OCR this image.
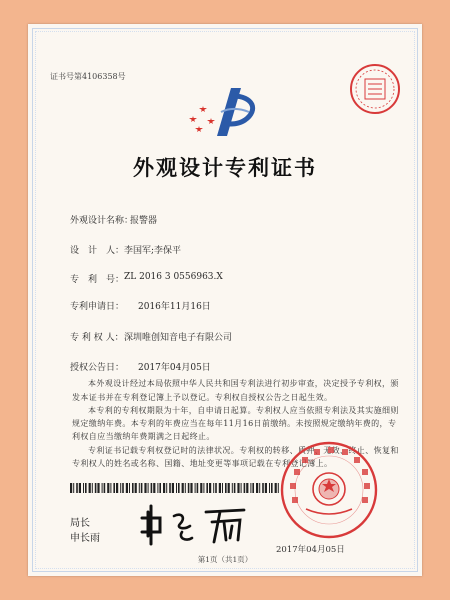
证书号第4106358号
外观设计专利证书
外观设计名称：
报警器
设　计　人： 李国军;李保平
专　利　号： ZL 2016 3 0556963.X
专利申请日： 2016年11月16日
专 利 权 人： 深圳唯创知音电子有限公司
授权公告日： 2017年04月05日
本外观设计经过本局依照中华人民共和国专利法进行初步审查，决定授予专利权，颁
发本证书并在专利登记簿上予以登记。专利权自授权公告之日起生效。
本专利的专利权期限为十年，自申请日起算。专利权人应当依照专利法及其实施细则
规定缴纳年费。本专利的年费应当在每年11月16日前缴纳。未按照规定缴纳年费的，专
利权自应当缴纳年费期满之日起终止。
专利证书记载专利权登记时的法律状况。专利权的转移、质押、无效、终止、恢复和
专利权人的姓名或名称、国籍、地址变更等事项记载在专利登记簿上。
局长
申长雨
2017年04月05日
第1页（共1页）
